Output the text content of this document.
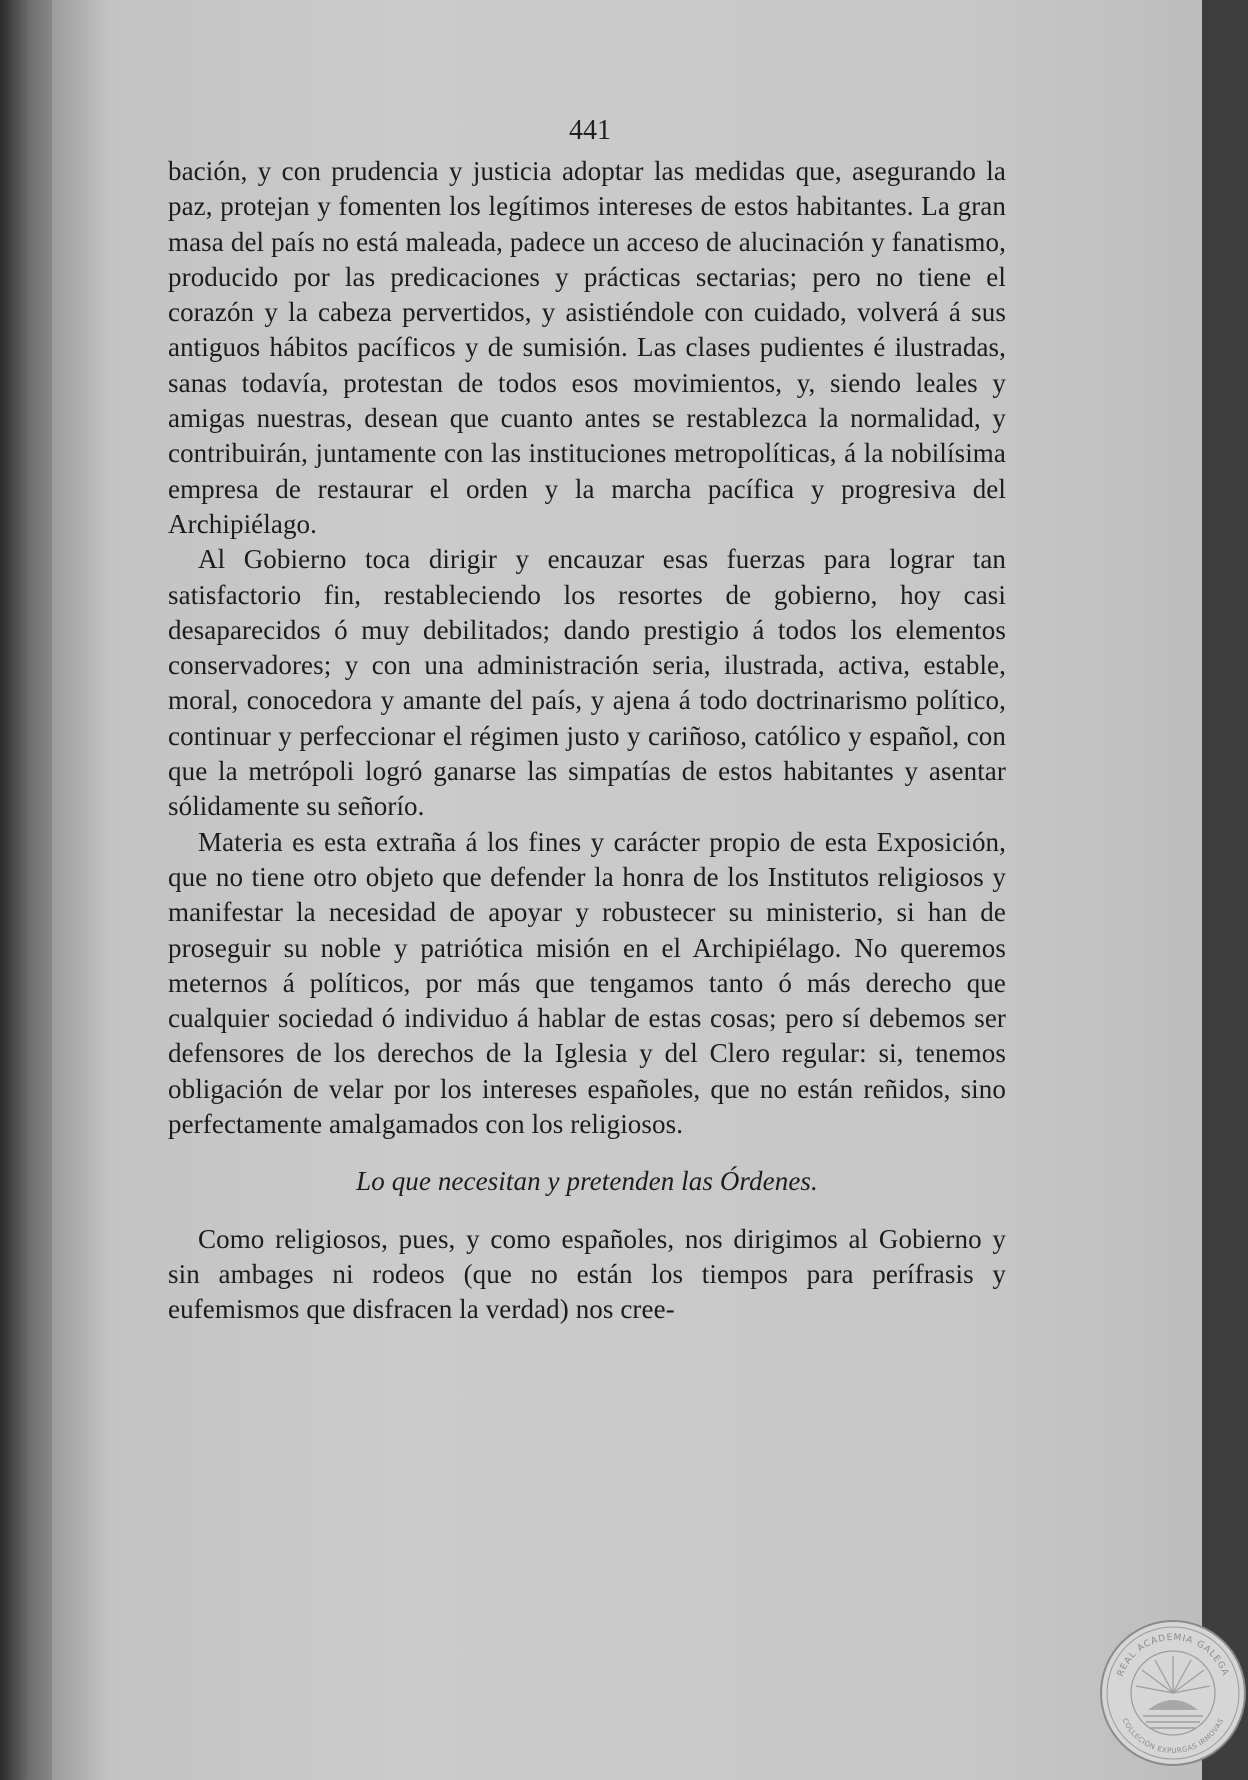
441

bación, y con prudencia y justicia adoptar las medidas que, asegurando la paz, protejan y fomenten los legítimos intereses de estos habitantes. La gran masa del país no está maleada, padece un acceso de alucinación y fanatismo, producido por las predicaciones y prácticas sectarias; pero no tiene el corazón y la cabeza pervertidos, y asistiéndole con cuidado, volverá á sus antiguos hábitos pacíficos y de sumisión. Las clases pudientes é ilustradas, sanas todavía, protestan de todos esos movimientos, y, siendo leales y amigas nuestras, desean que cuanto antes se restablezca la normalidad, y contribuirán, juntamente con las instituciones metropolíticas, á la nobilísima empresa de restaurar el orden y la marcha pacífica y progresiva del Archipiélago.

Al Gobierno toca dirigir y encauzar esas fuerzas para lograr tan satisfactorio fin, restableciendo los resortes de gobierno, hoy casi desaparecidos ó muy debilitados; dando prestigio á todos los elementos conservadores; y con una administración seria, ilustrada, activa, estable, moral, conocedora y amante del país, y ajena á todo doctrinarismo político, continuar y perfeccionar el régimen justo y cariñoso, católico y español, con que la metrópoli logró ganarse las simpatías de estos habitantes y asentar sólidamente su señorío.

Materia es esta extraña á los fines y carácter propio de esta Exposición, que no tiene otro objeto que defender la honra de los Institutos religiosos y manifestar la necesidad de apoyar y robustecer su ministerio, si han de proseguir su noble y patriótica misión en el Archipiélago. No queremos meternos á políticos, por más que tengamos tanto ó más derecho que cualquier sociedad ó individuo á hablar de estas cosas; pero sí debemos ser defensores de los derechos de la Iglesia y del Clero regular: si, tenemos obligación de velar por los intereses españoles, que no están reñidos, sino perfectamente amalgamados con los religiosos.

Lo que necesitan y pretenden las Órdenes.

Como religiosos, pues, y como españoles, nos dirigimos al Gobierno y sin ambages ni rodeos (que no están los tiempos para perífrasis y eufemismos que disfracen la verdad) nos cree-

REAL ACADEMIA GALEGA
COLLECIÓN EXPURGAS IRMOVAS
